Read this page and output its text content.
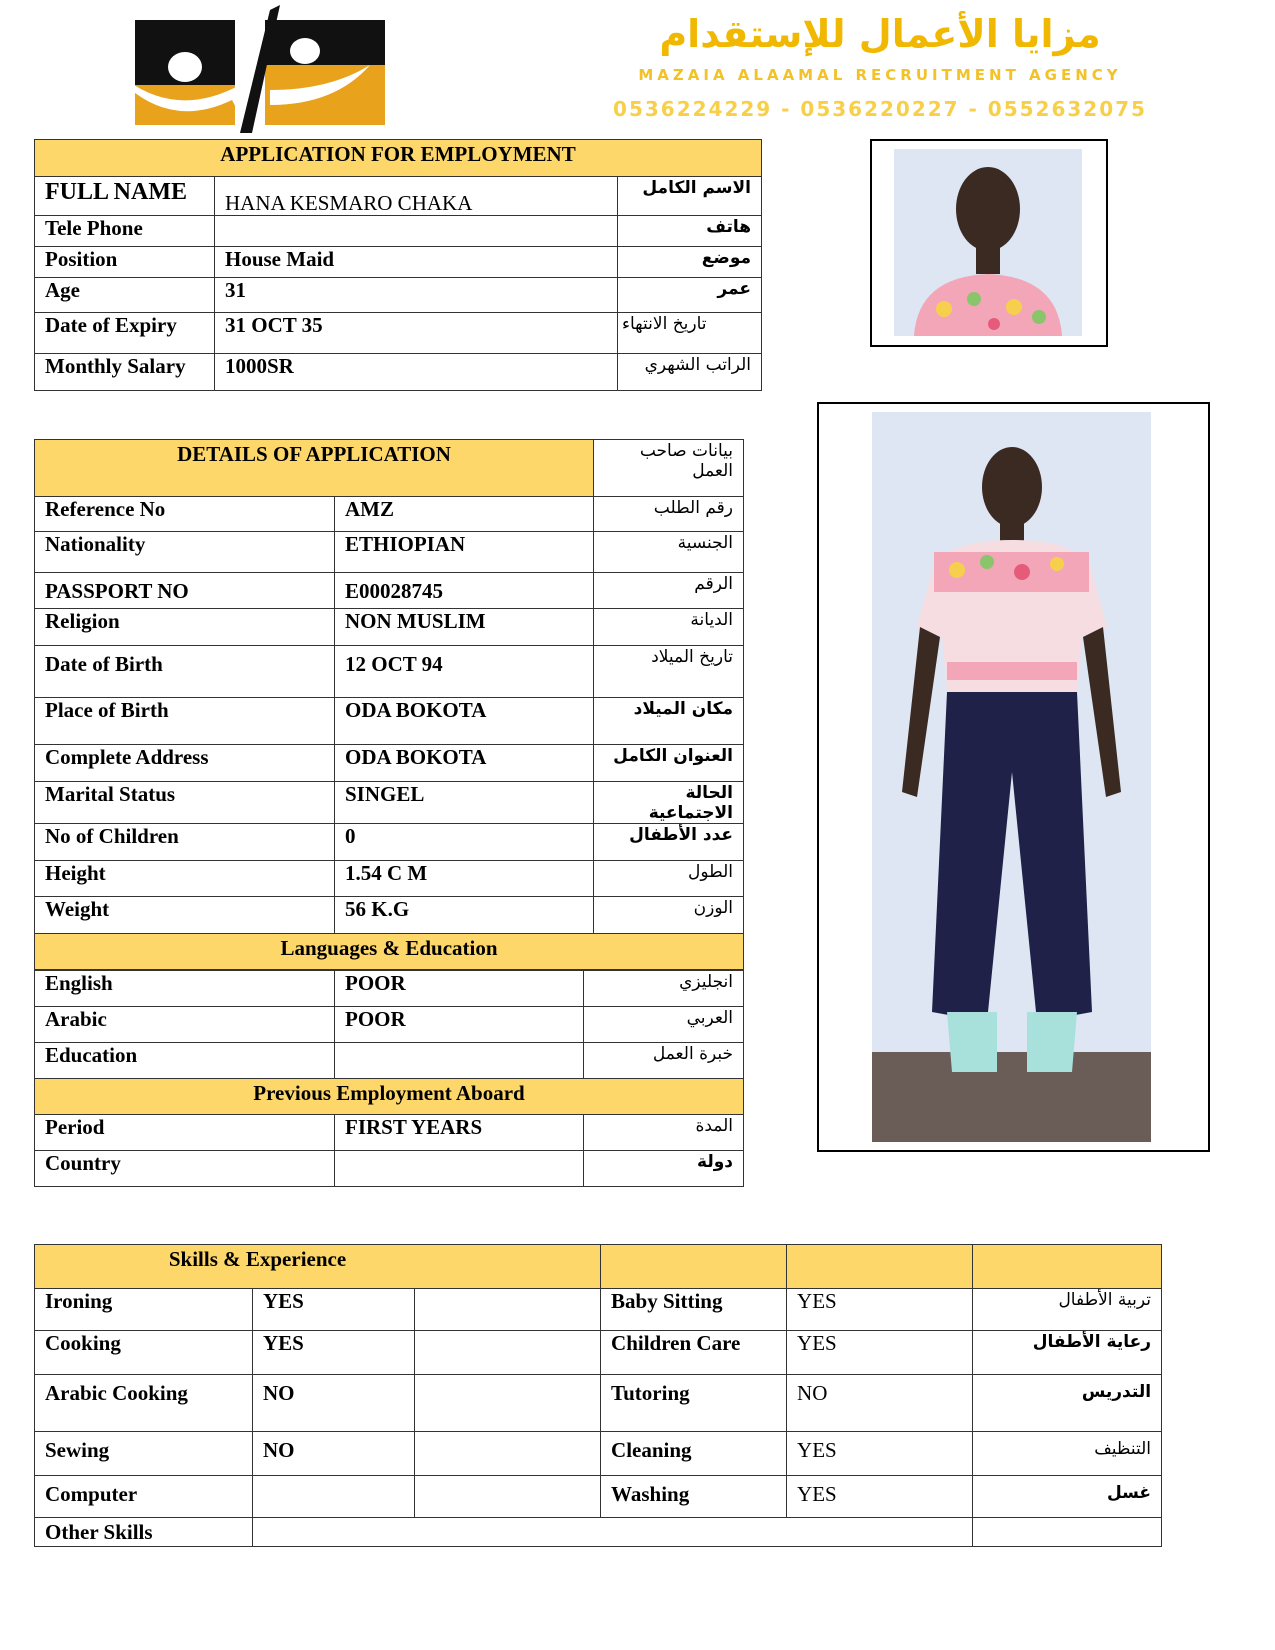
مزايا الأعمال للإستقدام
MAZAIA ALAAMAL RECRUITMENT AGENCY
0536224229 - 0536220227 - 0552632075
APPLICATION FOR EMPLOYMENT		
FULL NAME	HANA KESMARO CHAKA	الاسم الكامل
Tele Phone		هاتف
Position	House Maid	موضع
Age	31	عمر
Date of Expiry	31 OCT 35	تاريخ الانتهاء
Monthly Salary	1000SR	الراتب الشهري
DETAILS OF APPLICATION		بيانات صاحب العمل
Reference No	AMZ	رقم الطلب
Nationality	ETHIOPIAN	الجنسية
PASSPORT NO	E00028745	الرقم
Religion	NON MUSLIM	الديانة
Date of Birth	12 OCT 94	تاريخ الميلاد
Place of Birth	ODA BOKOTA	مكان الميلاد
Complete Address	ODA BOKOTA	العنوان الكامل
Marital Status	SINGEL	الحالة الاجتماعية
No of Children	0	عدد الأطفال
Height	1.54 C M	الطول
Weight	56 K.G	الوزن
Languages & Education		
English	POOR	انجليزي
Arabic	POOR	العربي
Education		خبرة العمل
Previous Employment Aboard		
Period	FIRST YEARS	المدة
Country		دولة
Skills & Experience					
Ironing	YES		Baby Sitting	YES	تربية الأطفال
Cooking	YES		Children Care	YES	رعاية الأطفال
Arabic Cooking	NO		Tutoring	NO	التدريس
Sewing	NO		Cleaning	YES	التنظيف
Computer			Washing	YES	غسل
Other Skills					
